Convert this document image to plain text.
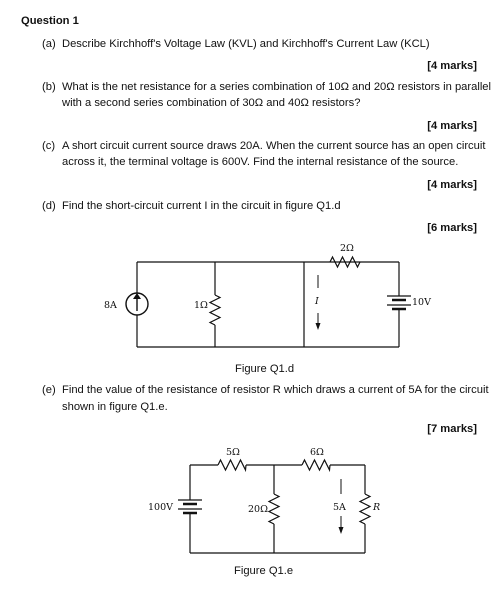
Question 1
(a) Describe Kirchhoff's Voltage Law (KVL) and Kirchhoff's Current Law (KCL)
[4 marks]
(b) What is the net resistance for a series combination of 10Ω and 20Ω resistors in parallel
with a second series combination of 30Ω and 40Ω resistors?
[4 marks]
(c) A short circuit current source draws 20A. When the current source has an open circuit
across it, the terminal voltage is 600V. Find the internal resistance of the source.
[4 marks]
(d) Find the short-circuit current I in the circuit in figure Q1.d
[6 marks]
8A	1Ω
2Ω
I	10V
100V
5Ω	6Ω
20Ω	5A	R
Figure Q1.d
(e) Find the value of the resistance of resistor R which draws a current of 5A for the circuit
shown in figure Q1.e.
[7 marks]
Figure Q1.e
